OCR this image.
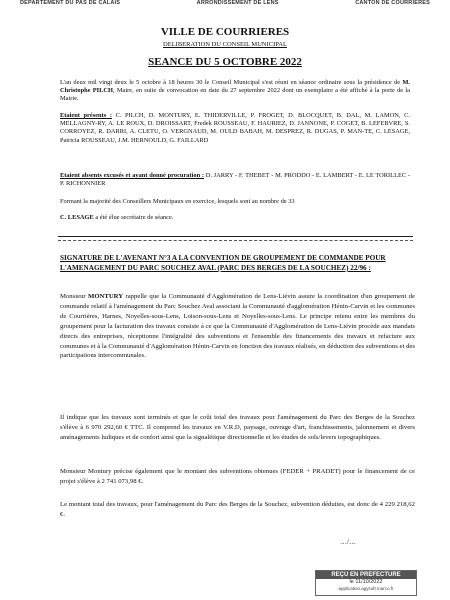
DEPARTEMENT DU PAS DE CALAIS	ARRONDISSEMENT DE LENS	CANTON DE COURRIERES
VILLE DE COURRIERES
DELIBERATION DU CONSEIL MUNICIPAL
SEANCE DU 5 OCTOBRE 2022
L'an deux mil vingt deux le 5 octobre à 18 heures 30 le Conseil Municipal s'est réuni en séance ordinaire sous la présidence de M. Christophe PILCH, Maire, en suite de convocation en date du 27 septembre 2022 dont un exemplaire a été affiché à la porte de la Mairie.
Etaient présents : C. PILCH, D. MONTURY, E. THIDERVILLE, P. FROGET, D. BLOCQUET, B. DAL, M. LAMON, C. MELLAGNY-RY, A. LE ROUX, D. DROISSART, Fredek ROUSSEAU, F. HAURIEZ, D. JANNONE, P. COGET, B. LEFEBVRE, S. CORROYEZ, R. DARRI, A. CLETU, O. VERGNAUD, M. OULD BABAH, M. DESPREZ, R. DUGAS, P. MAN-TE, C. LESAGE, Patricia ROUSSEAU, J.M. HERNOULD, G. FAILLARD
Etaient absents excusés et ayant donné procuration : D. JARRY - F. THEBET - M. PRODDO - E. LAMBERT - E. LE TORILLEC - P. RICHONNIER
Formant la majorité des Conseillers Municipaux en exercice, lesquels sont au nombre de 33
C. LESAGE a été élue secrétaire de séance.
SIGNATURE DE L'AVENANT N°3 A LA CONVENTION DE GROUPEMENT DE COMMANDE POUR L'AMENAGEMENT DU PARC SOUCHEZ AVAL (PARC DES BERGES DE LA SOUCHEZ) 22/96 :
Monsieur MONTURY rappelle que la Communauté d'Agglomération de Lens-Liévin assure la coordination d'un groupement de commande relatif à l'aménagement du Parc Souchez Aval associant la Communauté d'agglomération Hénin-Carvin et les communes de Courrières, Harnes, Noyelles-sous-Lens, Loison-sous-Lens et Noyelles-sous-Lens. Le principe retenu entre les membres du groupement pour la facturation des travaux consiste à ce que la Communauté d'Agglomération de Lens-Liévin procède aux mandats directs des entreprises, réceptionne l'intégralité des subventions et l'ensemble des financements des travaux et refacture aux communes et à la Communauté d'Agglomération Hénin-Carvin en fonction des travaux réalisés, en déduction des subventions et des participations intercommunales.
Il indique que les travaux sont terminés et que le coût total des travaux pour l'aménagement du Parc des Berges de la Souchez s'élève à 6 970 292,60 € TTC. Il comprend les travaux en V.R.D, paysage, ouvrage d'art, franchissements, jalonnement et divers aménagements ludiques et de confort ainsi que la signalétique directionnelle et les études de sols/levers topographiques.
Monsieur Montury précise également que le montant des subventions obtenues (FEDER + PRADET) pour le financement de ce projet s'élève à 2 741 073,98 €.
Le montant total des travaux, pour l'aménagement du Parc des Berges de la Souchez, subvention déduites, est donc de 4 229 218,62 €.
…/…
REÇU EN PREFECTURE
le 11/10/2022
application.agysoft.marco.fr
